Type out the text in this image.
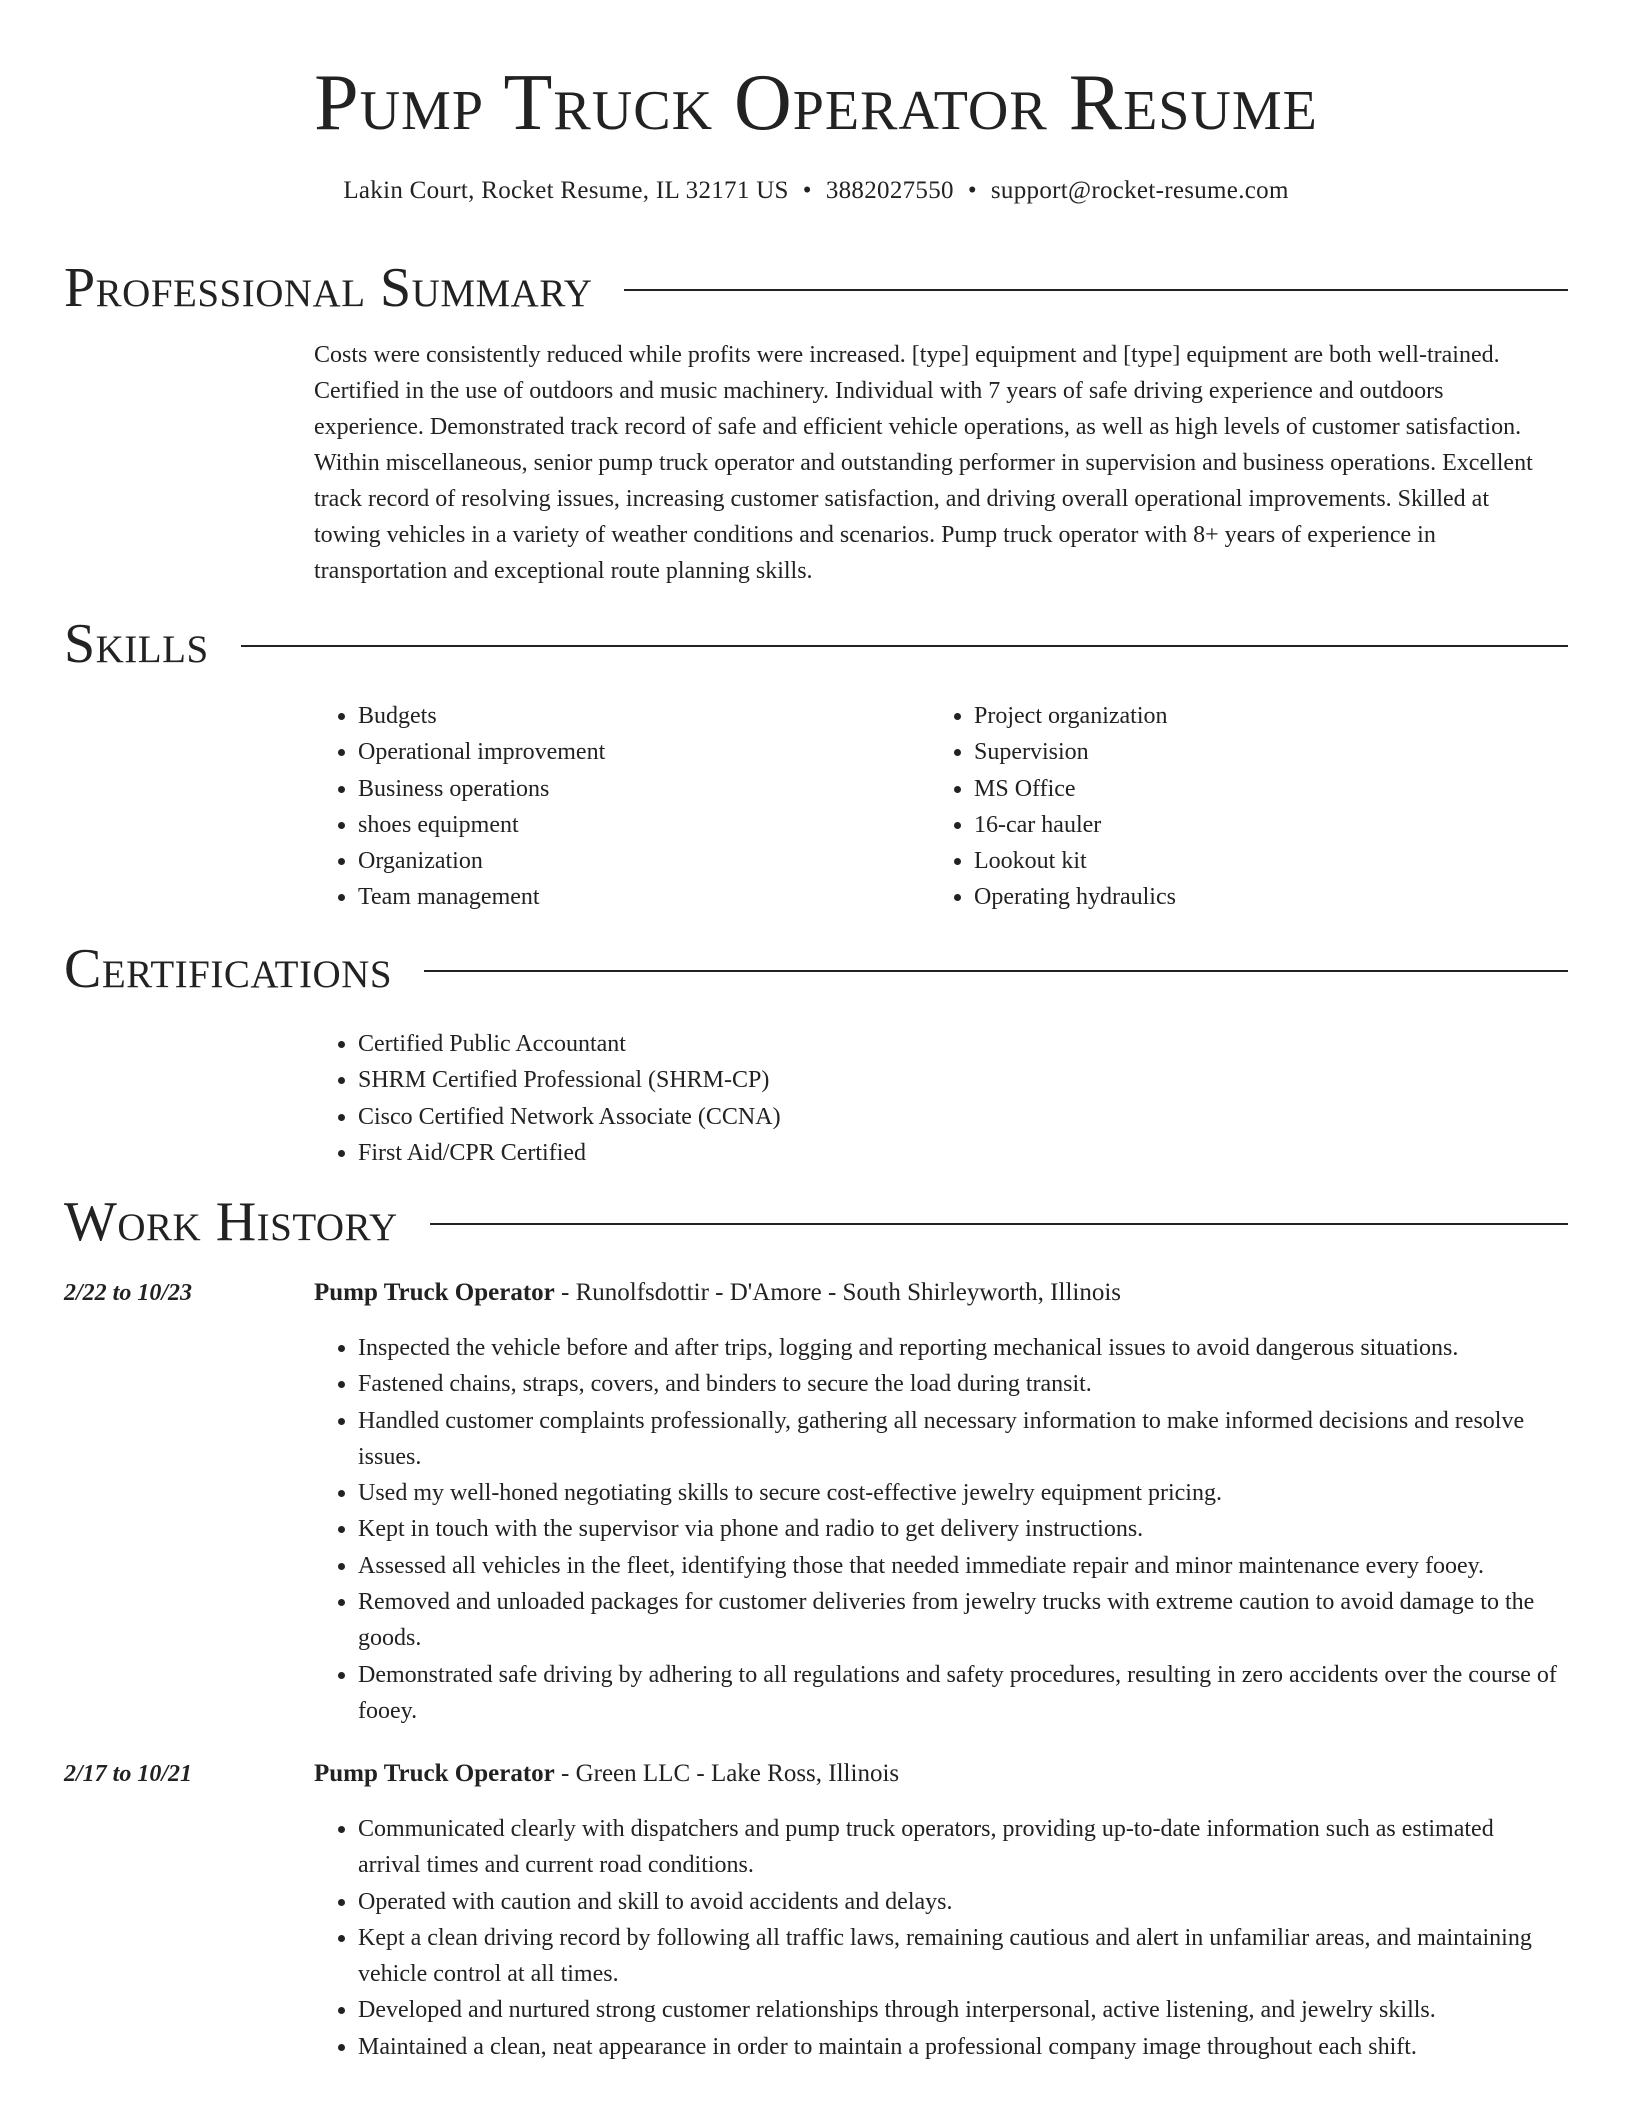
Pump Truck Operator Resume
Lakin Court, Rocket Resume, IL 32171 US • 3882027550 • support@rocket-resume.com
Professional Summary

Costs were consistently reduced while profits were increased. [type] equipment and [type] equipment are both well-trained. Certified in the use of outdoors and music machinery. Individual with 7 years of safe driving experience and outdoors experience. Demonstrated track record of safe and efficient vehicle operations, as well as high levels of customer satisfaction. Within miscellaneous, senior pump truck operator and outstanding performer in supervision and business operations. Excellent track record of resolving issues, increasing customer satisfaction, and driving overall operational improvements. Skilled at towing vehicles in a variety of weather conditions and scenarios. Pump truck operator with 8+ years of experience in transportation and exceptional route planning skills.

Skills
• Budgets
• Operational improvement
• Business operations
• shoes equipment
• Organization
• Team management
• Project organization
• Supervision
• MS Office
• 16-car hauler
• Lookout kit
• Operating hydraulics
Certifications
• Certified Public Accountant
• SHRM Certified Professional (SHRM-CP)
• Cisco Certified Network Associate (CCNA)
• First Aid/CPR Certified
Work History
2/22 to 10/23	Pump Truck Operator - Runolfsdottir - D'Amore - South Shirleyworth, Illinois
• Inspected the vehicle before and after trips, logging and reporting mechanical issues to avoid dangerous situations.
• Fastened chains, straps, covers, and binders to secure the load during transit.
• Handled customer complaints professionally, gathering all necessary information to make informed decisions and resolve issues.
• Used my well-honed negotiating skills to secure cost-effective jewelry equipment pricing.
• Kept in touch with the supervisor via phone and radio to get delivery instructions.
• Assessed all vehicles in the fleet, identifying those that needed immediate repair and minor maintenance every fooey.
• Removed and unloaded packages for customer deliveries from jewelry trucks with extreme caution to avoid damage to the goods.
• Demonstrated safe driving by adhering to all regulations and safety procedures, resulting in zero accidents over the course of fooey.
2/17 to 10/21	Pump Truck Operator - Green LLC - Lake Ross, Illinois
• Communicated clearly with dispatchers and pump truck operators, providing up-to-date information such as estimated arrival times and current road conditions.
• Operated with caution and skill to avoid accidents and delays.
• Kept a clean driving record by following all traffic laws, remaining cautious and alert in unfamiliar areas, and maintaining vehicle control at all times.
• Developed and nurtured strong customer relationships through interpersonal, active listening, and jewelry skills.
• Maintained a clean, neat appearance in order to maintain a professional company image throughout each shift.
